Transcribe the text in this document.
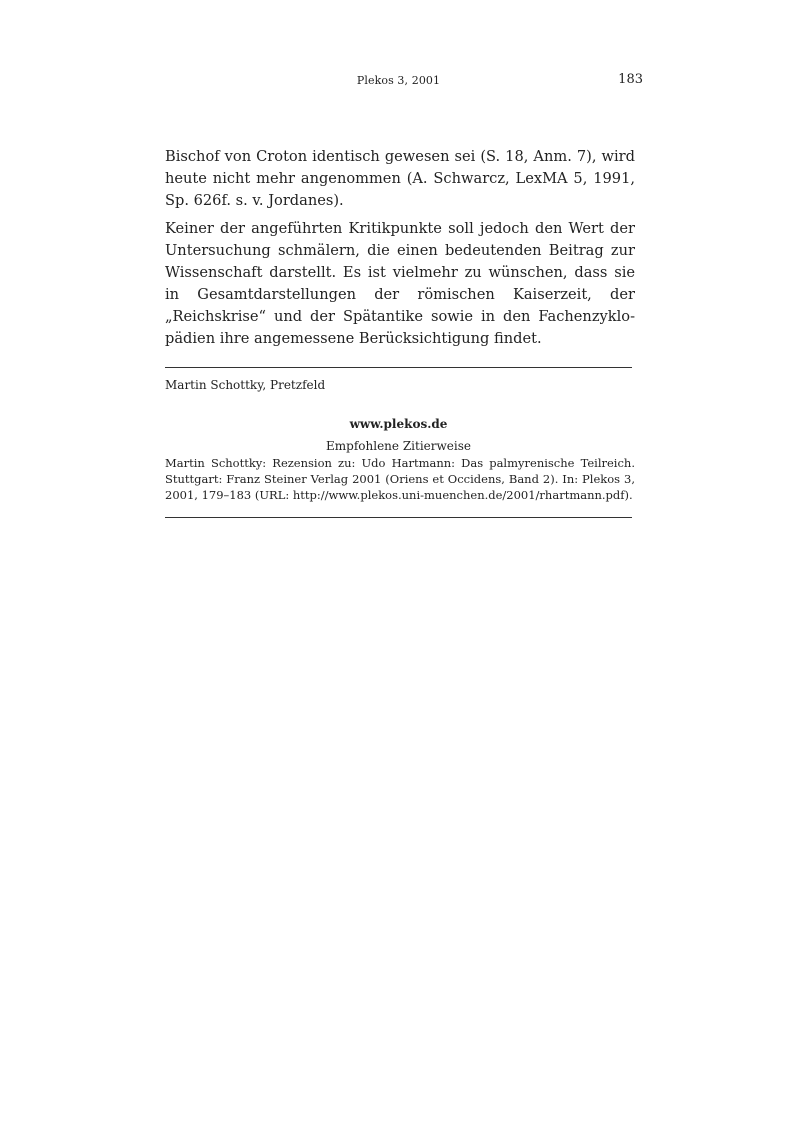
Plekos 3, 2001	183

Bischof von Croton identisch gewesen sei (S. 18, Anm. 7), wird heute nicht mehr angenommen (A. Schwarcz, LexMA 5, 1991, Sp. 626f. s. v. Jordanes).

Keiner der angeführten Kritikpunkte soll jedoch den Wert der Untersuchung schmälern, die einen bedeutenden Beitrag zur Wissenschaft darstellt. Es ist vielmehr zu wünschen, dass sie in Gesamtdarstellungen der römischen Kaiserzeit, der „Reichskrise“ und der Spätantike sowie in den Fachenzyklopädien ihre angemessene Berücksichtigung findet.

Martin Schottky, Pretzfeld
www.plekos.de
Empfohlene Zitierweise
Martin Schottky: Rezension zu: Udo Hartmann: Das palmyrenische Teilreich. Stuttgart: Franz Steiner Verlag 2001 (Oriens et Occidens, Band 2). In: Plekos 3, 2001, 179–183 (URL: http://www.plekos.uni-muenchen.de/2001/rhartmann.pdf).
